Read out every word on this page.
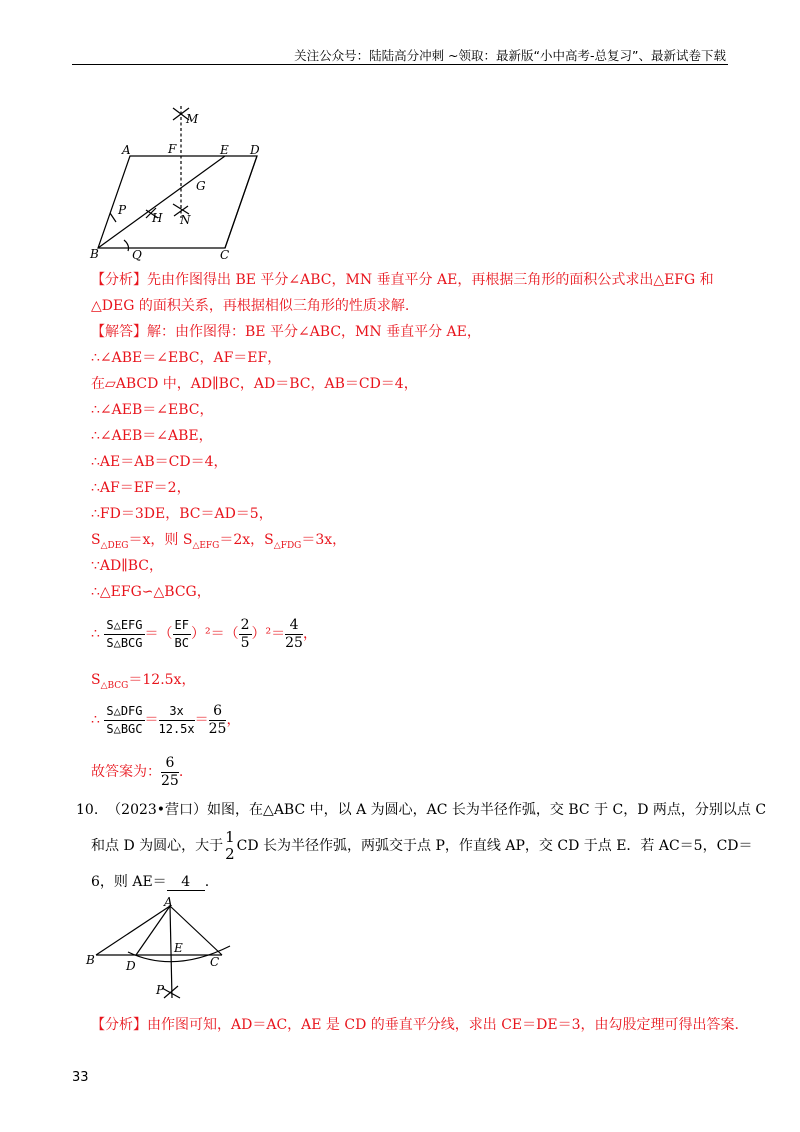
关注公众号：陆陆高分冲刺 ~领取：最新版“小中高考-总复习”、最新试卷下载
M
A	F	E D
G
P
H N
B	Q	C
【分析】先由作图得出 BE 平分∠ABC，MN 垂直平分 AE，再根据三角形的面积公式求出△EFG 和
△DEG 的面积关系，再根据相似三角形的性质求解.
【解答】解：由作图得：BE 平分∠ABC，MN 垂直平分 AE，
∴∠ABE＝∠EBC，AF＝EF，
在▱ABCD 中，AD∥BC，AD＝BC，AB＝CD＝4，
∴∠AEB＝∠EBC，
∴∠AEB＝∠ABE，
∴AE＝AB＝CD＝4，
∴AF＝EF＝2，
∴FD＝3DE，BC＝AD＝5，
$S_{\triangle DEG}=x$，则 $S_{\triangle EFG}=2x$，$S_{\triangle FDG}=3x$，
∵AD∥BC，
∴△EFG∽△BCG，
∴ $\frac{\text{S△EFG}}{\text{S△BCG}}$ ＝（ $\frac{EF}{BC} )^2=( \frac{2}{5} )^2= \frac{4}{25}$ ，
$S_{\triangle BCG}=12.5x$，
∴ $\frac{\text{S△DFG}}{\text{S△BGC}} = \frac{3x}{12.5x} = \frac{6}{25}$ ，
故答案为： $\frac{6}{25}$ .
10. （2023•营口）如图，在△ABC 中，以 A 为圆心，AC 长为半径作弧，交 BC 于 C，D 两点，分别以点 C
和点 D 为圆心，大于 1
2 CD 长为半径作弧，两弧交于点 P，作直线 AP，交 CD 于点 E．若 AC＝5，CD＝
6，则 AE＝ 4 .
A
B	D
E
C
P
【分析】由作图可知，AD＝AC，AE 是 CD 的垂直平分线，求出 CE＝DE＝3，由勾股定理可得出答案.
33
